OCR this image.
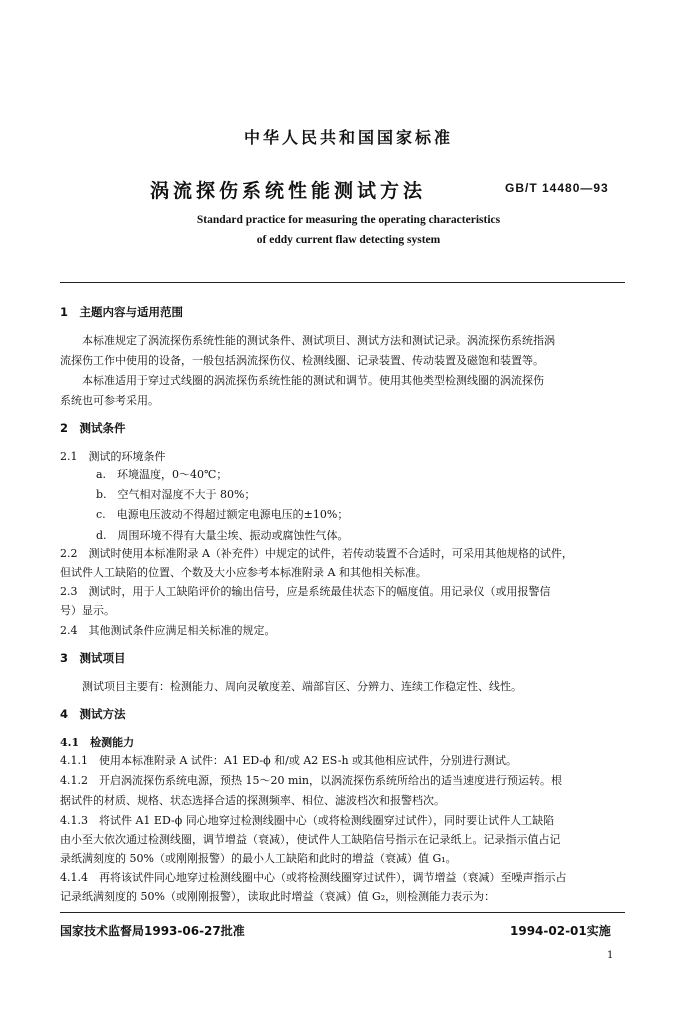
中华人民共和国国家标准
涡流探伤系统性能测试方法	GB/T 14480—93
Standard practice for measuring the operating characteristics
of eddy current flaw detecting system
1　主题内容与适用范围
本标准规定了涡流探伤系统性能的测试条件、测试项目、测试方法和测试记录。涡流探伤系统指涡
流探伤工作中使用的设备，一般包括涡流探伤仪、检测线圈、记录装置、传动装置及磁饱和装置等。
本标准适用于穿过式线圈的涡流探伤系统性能的测试和调节。使用其他类型检测线圈的涡流探伤
系统也可参考采用。
2　测试条件
2.1　测试的环境条件
a.　环境温度，0～40℃；
b.　空气相对湿度不大于 80%；
c.　电源电压波动不得超过额定电源电压的±10%；
d.　周围环境不得有大量尘埃、振动或腐蚀性气体。
2.2　测试时使用本标准附录 A（补充件）中规定的试件，若传动装置不合适时，可采用其他规格的试件，
但试件人工缺陷的位置、个数及大小应参考本标准附录 A 和其他相关标准。
2.3　测试时，用于人工缺陷评价的输出信号，应是系统最佳状态下的幅度值。用记录仪（或用报警信
号）显示。
2.4　其他测试条件应满足相关标准的规定。
3　测试项目
测试项目主要有：检测能力、周向灵敏度差、端部盲区、分辨力、连续工作稳定性、线性。
4　测试方法
4.1　检测能力
4.1.1　使用本标准附录 A 试件：A1 ED-ϕ 和/或 A2 ES-h 或其他相应试件，分别进行测试。
4.1.2　开启涡流探伤系统电源，预热 15～20 min，以涡流探伤系统所给出的适当速度进行预运转。根
据试件的材质、规格、状态选择合适的探测频率、相位、滤波档次和报警档次。
4.1.3　将试件 A1 ED-ϕ 同心地穿过检测线圈中心（或将检测线圈穿过试件），同时要让试件人工缺陷
由小至大依次通过检测线圈，调节增益（衰减），使试件人工缺陷信号指示在记录纸上。记录指示值占记
录纸满刻度的 50%（或刚刚报警）的最小人工缺陷和此时的增益（衰减）值 G₁。
4.1.4　再将该试件同心地穿过检测线圈中心（或将检测线圈穿过试件），调节增益（衰减）至噪声指示占
记录纸满刻度的 50%（或刚刚报警），读取此时增益（衰减）值 G₂，则检测能力表示为：
国家技术监督局1993-06-27批准	1994-02-01实施
1
